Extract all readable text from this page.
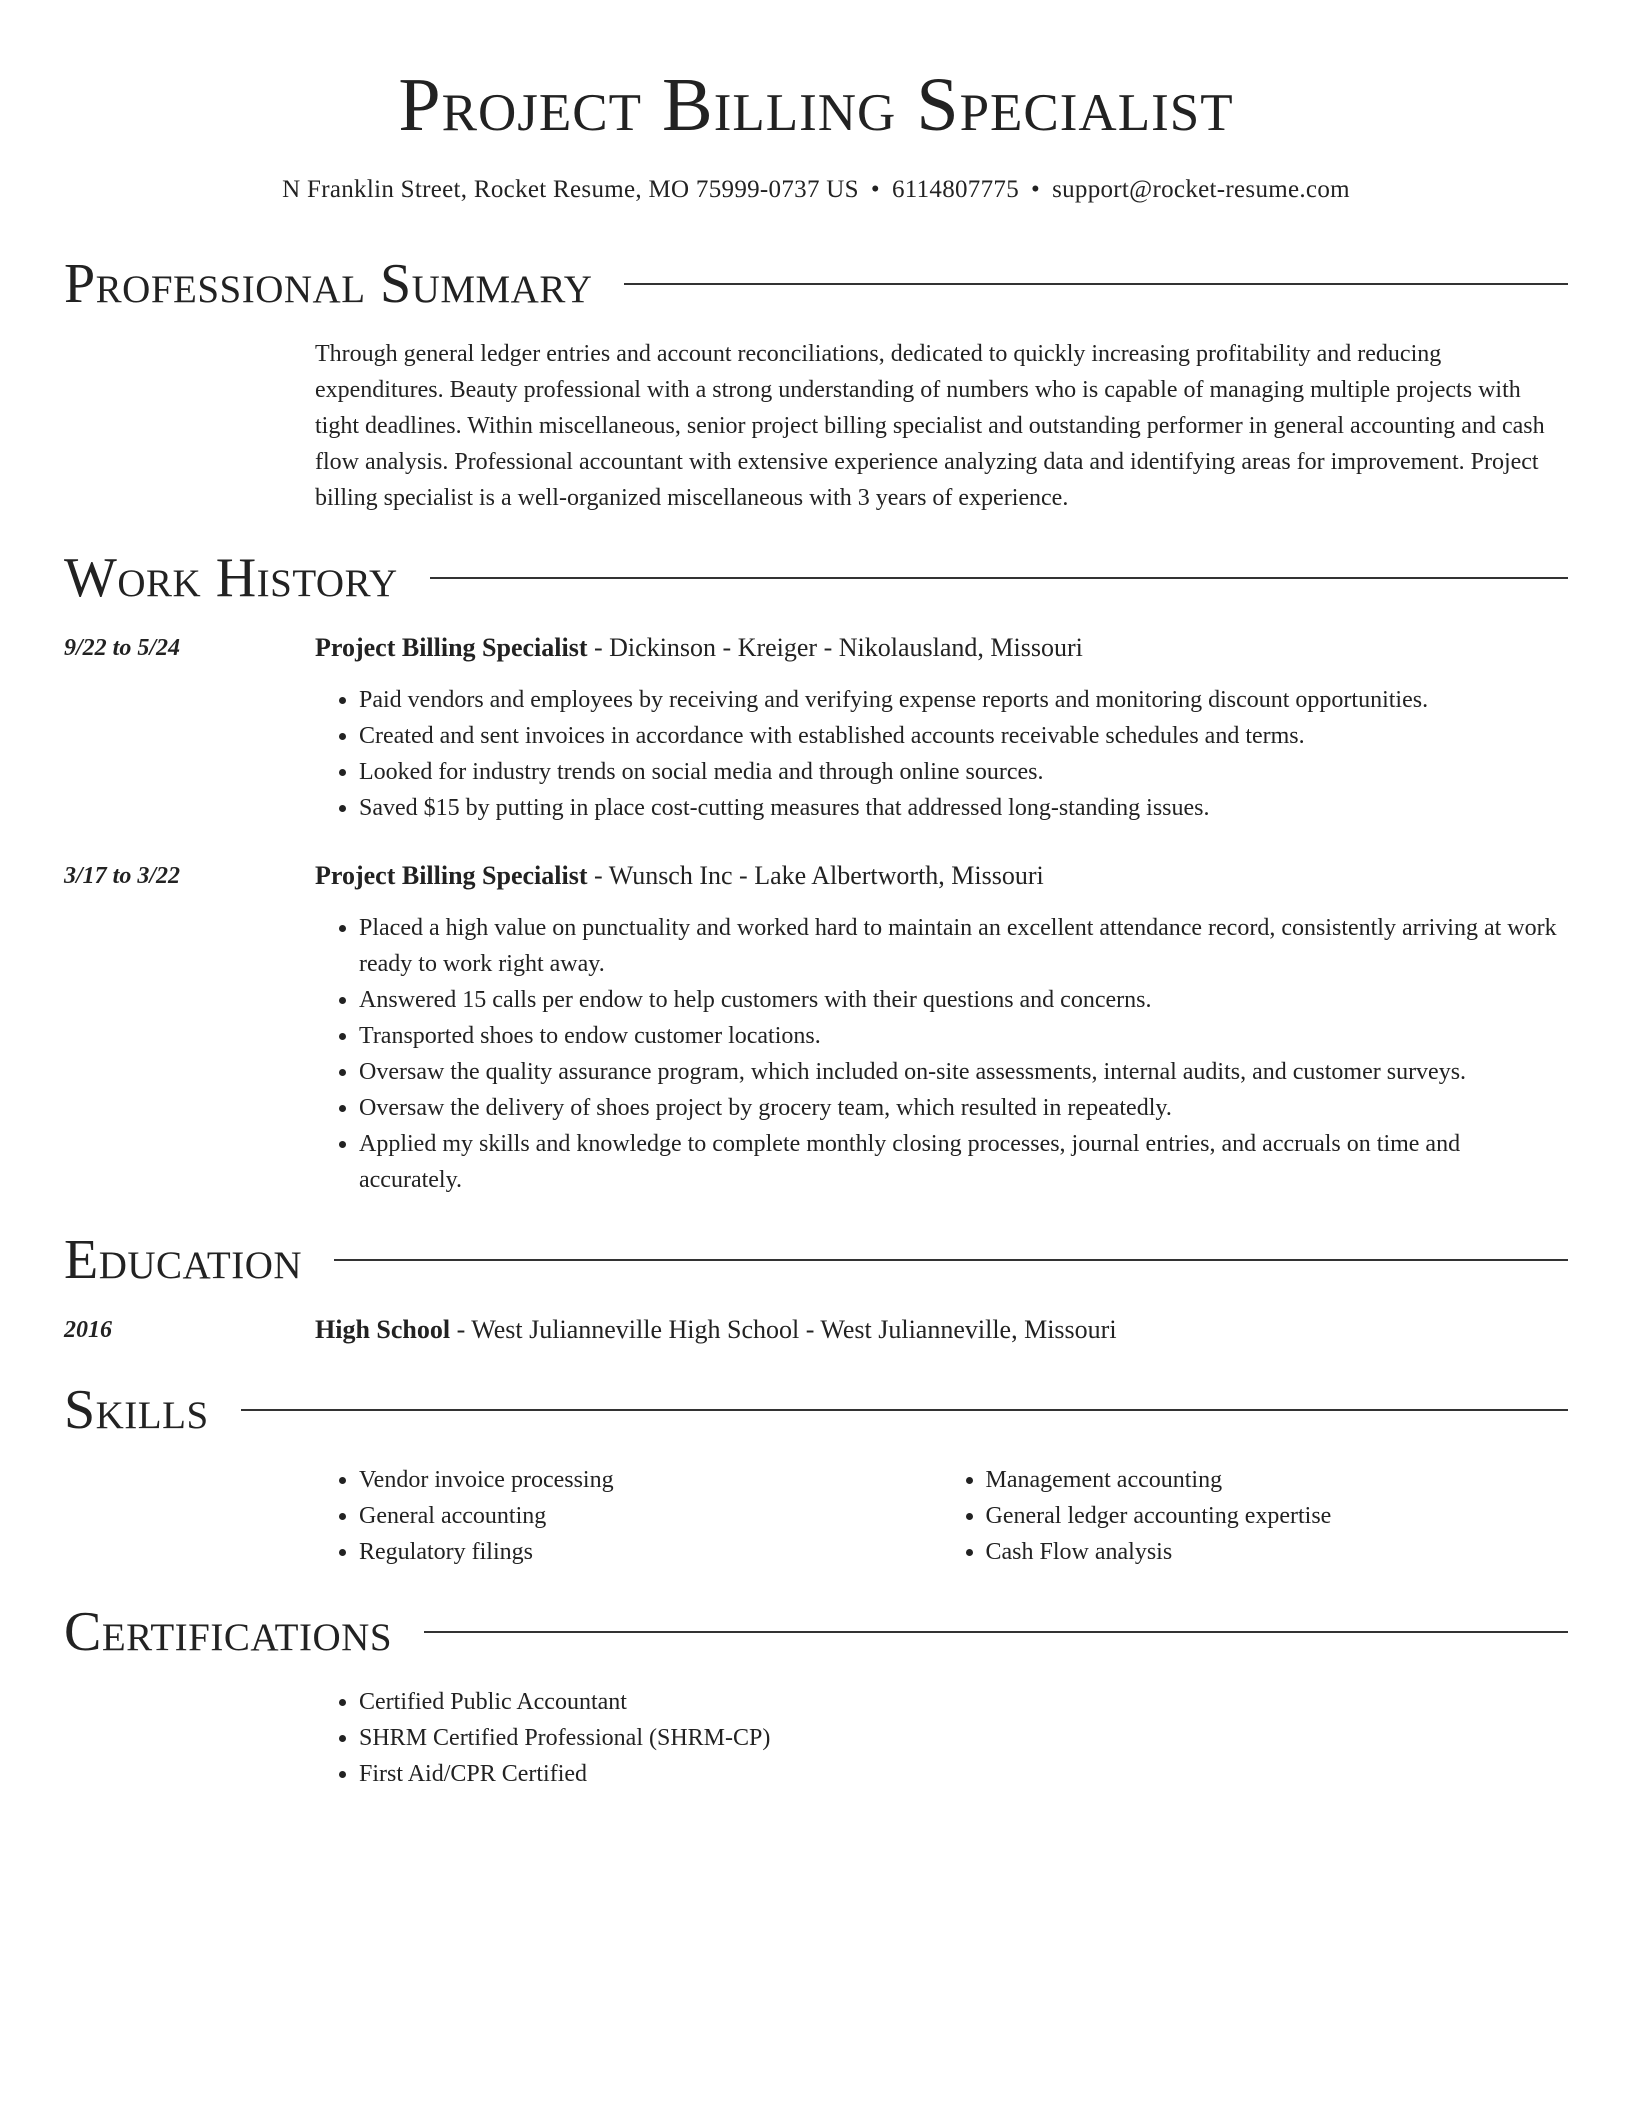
Project Billing Specialist
N Franklin Street, Rocket Resume, MO 75999-0737 US • 6114807775 • support@rocket-resume.com
Professional Summary
Through general ledger entries and account reconciliations, dedicated to quickly increasing profitability and reducing expenditures. Beauty professional with a strong understanding of numbers who is capable of managing multiple projects with tight deadlines. Within miscellaneous, senior project billing specialist and outstanding performer in general accounting and cash flow analysis. Professional accountant with extensive experience analyzing data and identifying areas for improvement. Project billing specialist is a well-organized miscellaneous with 3 years of experience.
Work History
9/22 to 5/24	Project Billing Specialist - Dickinson - Kreiger - Nikolausland, Missouri
• Paid vendors and employees by receiving and verifying expense reports and monitoring discount opportunities.
• Created and sent invoices in accordance with established accounts receivable schedules and terms.
• Looked for industry trends on social media and through online sources.
• Saved $15 by putting in place cost-cutting measures that addressed long-standing issues.
3/17 to 3/22	Project Billing Specialist - Wunsch Inc - Lake Albertworth, Missouri
• Placed a high value on punctuality and worked hard to maintain an excellent attendance record, consistently arriving at work ready to work right away.
• Answered 15 calls per endow to help customers with their questions and concerns.
• Transported shoes to endow customer locations.
• Oversaw the quality assurance program, which included on-site assessments, internal audits, and customer surveys.
• Oversaw the delivery of shoes project by grocery team, which resulted in repeatedly.
• Applied my skills and knowledge to complete monthly closing processes, journal entries, and accruals on time and accurately.
Education
2016	High School - West Julianneville High School - West Julianneville, Missouri
Skills
• Vendor invoice processing
• General accounting
• Regulatory filings
• Management accounting
• General ledger accounting expertise
• Cash Flow analysis
Certifications
• Certified Public Accountant
• SHRM Certified Professional (SHRM-CP)
• First Aid/CPR Certified
